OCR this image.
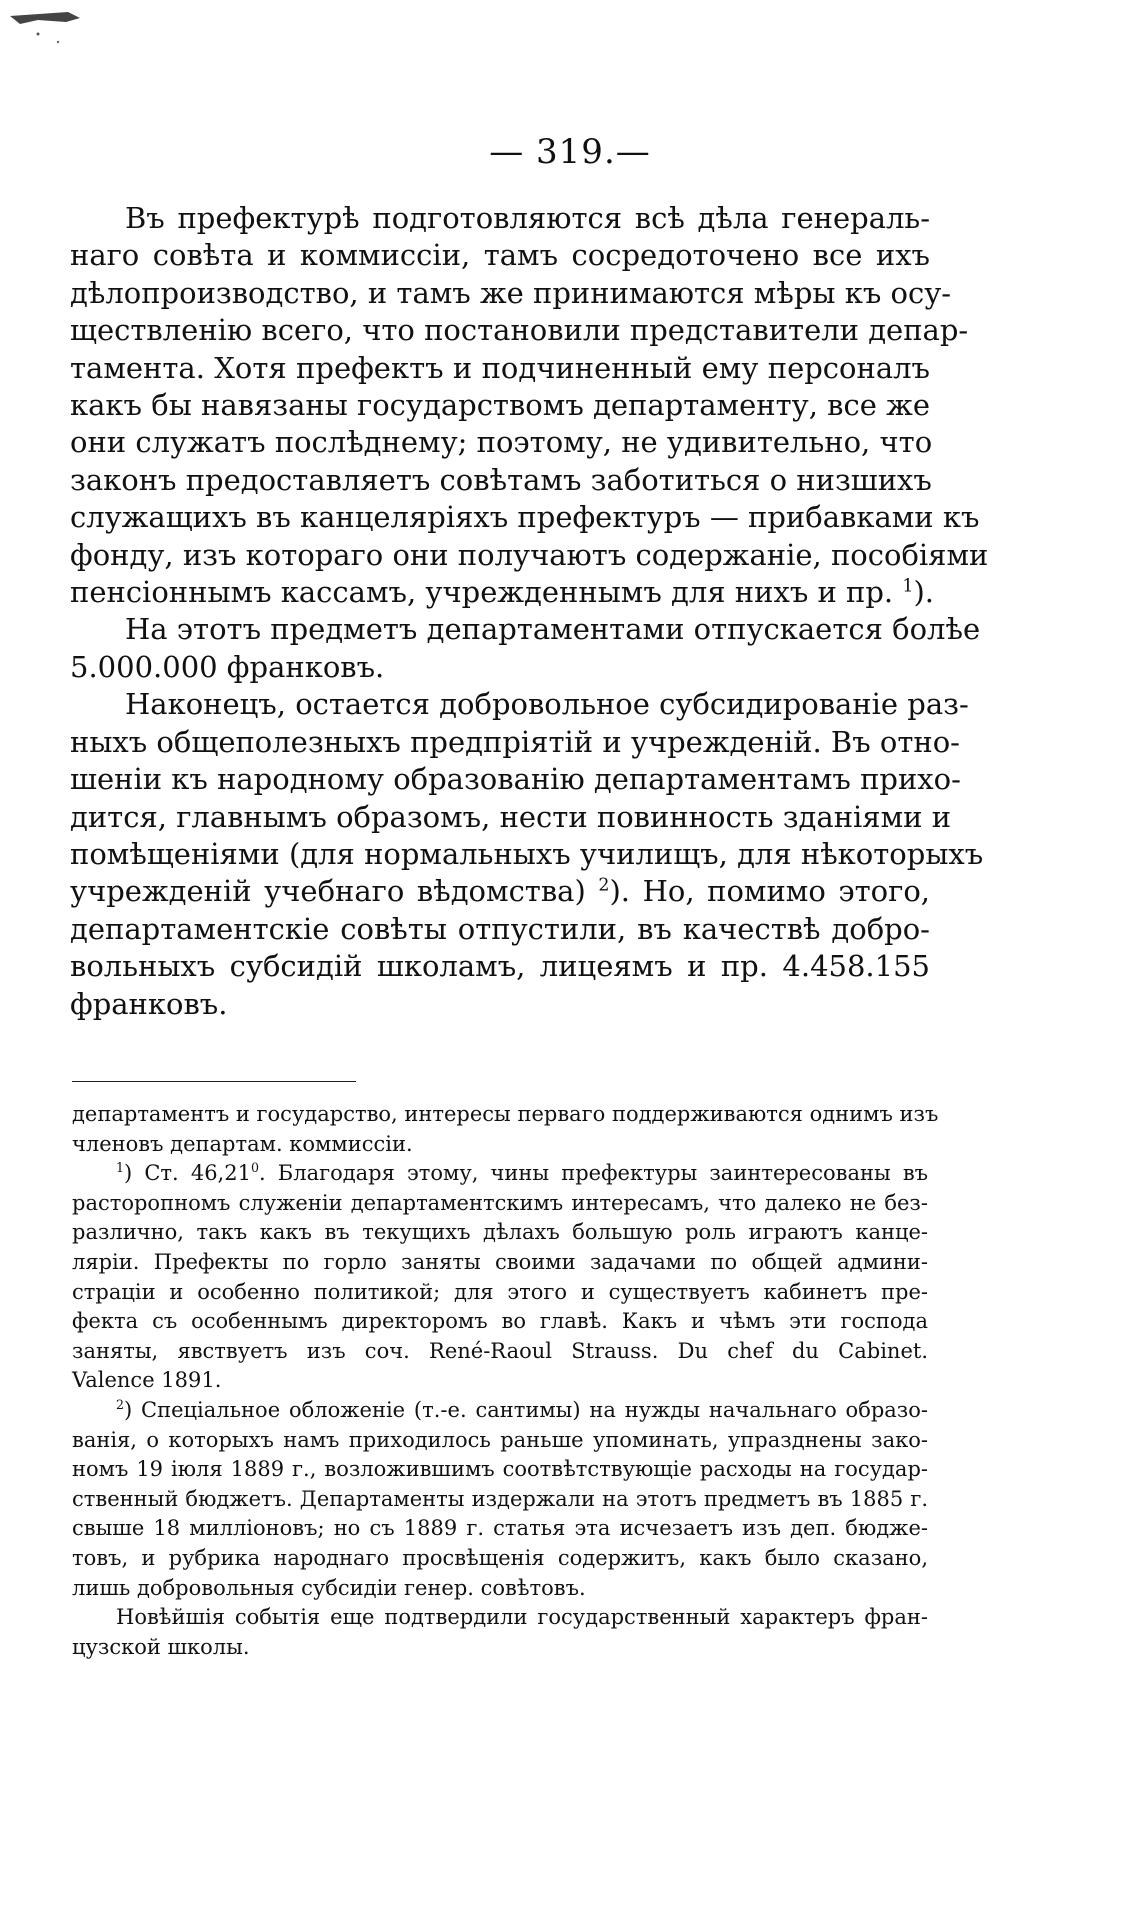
— 319.—
Въ префектурѣ подготовляются всѣ дѣла генераль-
наго совѣта и коммиссіи, тамъ сосредоточено все ихъ
дѣлопроизводство, и тамъ же принимаются мѣры къ осу-
ществленію всего, что постановили представители депар-
тамента. Хотя префектъ и подчиненный ему персоналъ
какъ бы навязаны государствомъ департаменту, все же
они служатъ послѣднему; поэтому, не удивительно, что
законъ предоставляетъ совѣтамъ заботиться о низшихъ
служащихъ въ канцеляріяхъ префектуръ — прибавками къ
фонду, изъ котораго они получаютъ содержаніе, пособіями
пенсіоннымъ кассамъ, учрежденнымъ для нихъ и пр. $^1$).
На этотъ предметъ департаментами отпускается болѣе
5.000.000 франковъ.
Наконецъ, остается добровольное субсидированіе раз-
ныхъ общеполезныхъ предпріятій и учрежденій. Въ отно-
шеніи къ народному образованію департаментамъ прихо-
дится, главнымъ образомъ, нести повинность зданіями и
помѣщеніями (для нормальныхъ училищъ, для нѣкоторыхъ
учрежденій учебнаго вѣдомства) $^2$). Но, помимо этого,
департаментскіе совѣты отпустили, въ качествѣ добро-
вольныхъ субсидій школамъ, лицеямъ и пр. 4.458.155
франковъ.
департаментъ и государство, интересы перваго поддерживаются однимъ изъ
членовъ департам. коммиссіи.
$^1$) Ст. 46,21$^0$. Благодаря этому, чины префектуры заинтересованы въ
расторопномъ служеніи департаментскимъ интересамъ, что далеко не без-
различно, такъ какъ въ текущихъ дѣлахъ большую роль играютъ канце-
ляріи. Префекты по горло заняты своими задачами по общей админи-
страціи и особенно политикой; для этого и существуетъ кабинетъ пре-
фекта съ особеннымъ директоромъ во главѣ. Какъ и чѣмъ эти господа
заняты, явствуетъ изъ соч. René-Raoul Strauss. Du chef du Cabinet.
Valence 1891.
$^2$) Спеціальное обложеніе (т.-е. сантимы) на нужды начальнаго образо-
ванія, о которыхъ намъ приходилось раньше упоминать, упразднены зако-
номъ 19 іюля 1889 г., возложившимъ соотвѣтствующіе расходы на государ-
ственный бюджетъ. Департаменты издержали на этотъ предметъ въ 1885 г.
свыше 18 милліоновъ; но съ 1889 г. статья эта исчезаетъ изъ деп. бюдже-
товъ, и рубрика народнаго просвѣщенія содержитъ, какъ было сказано,
лишь добровольныя субсидіи генер. совѣтовъ.
Новѣйшія событія еще подтвердили государственный характеръ фран-
цузской школы.
